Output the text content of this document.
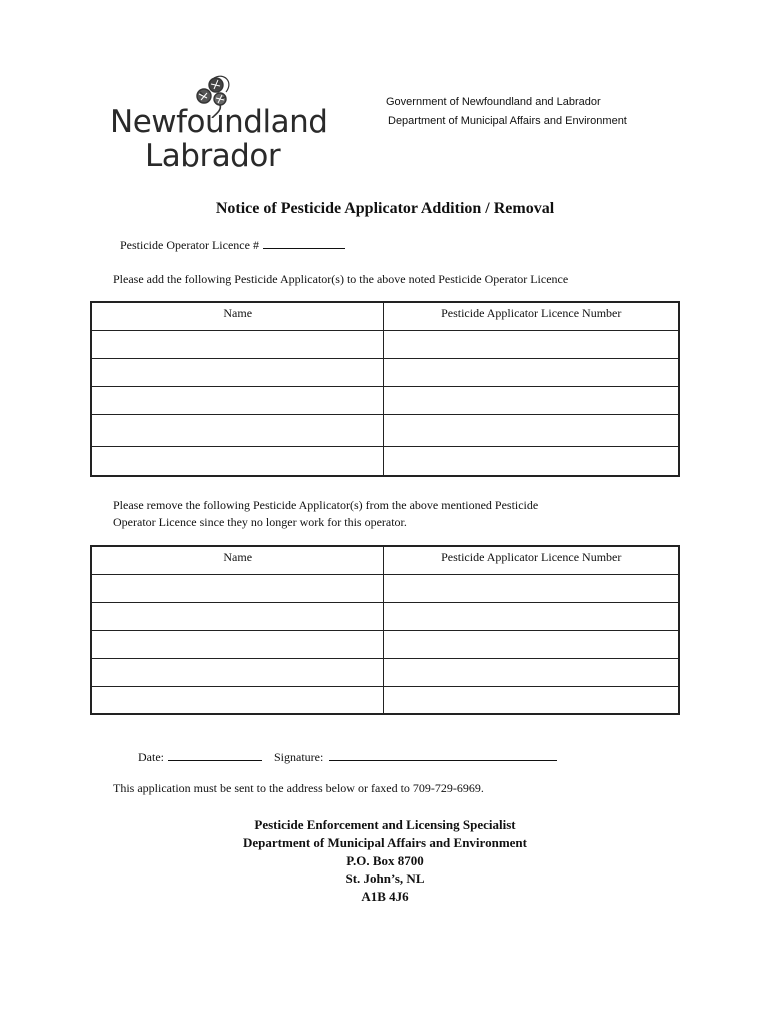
Newfoundland
Labrador
Government of Newfoundland and Labrador
Department of Municipal Affairs and Environment
Notice of Pesticide Applicator Addition / Removal
Pesticide Operator Licence #
Please add the following Pesticide Applicator(s) to the above noted Pesticide Operator Licence
Name	Pesticide Applicator Licence Number

Please remove the following Pesticide Applicator(s) from the above mentioned Pesticide
Operator Licence since they no longer work for this operator.
Name	Pesticide Applicator Licence Number

Date:	Signature:
This application must be sent to the address below or faxed to 709-729-6969.
Pesticide Enforcement and Licensing Specialist
Department of Municipal Affairs and Environment
P.O. Box 8700
St. John’s, NL
A1B 4J6
